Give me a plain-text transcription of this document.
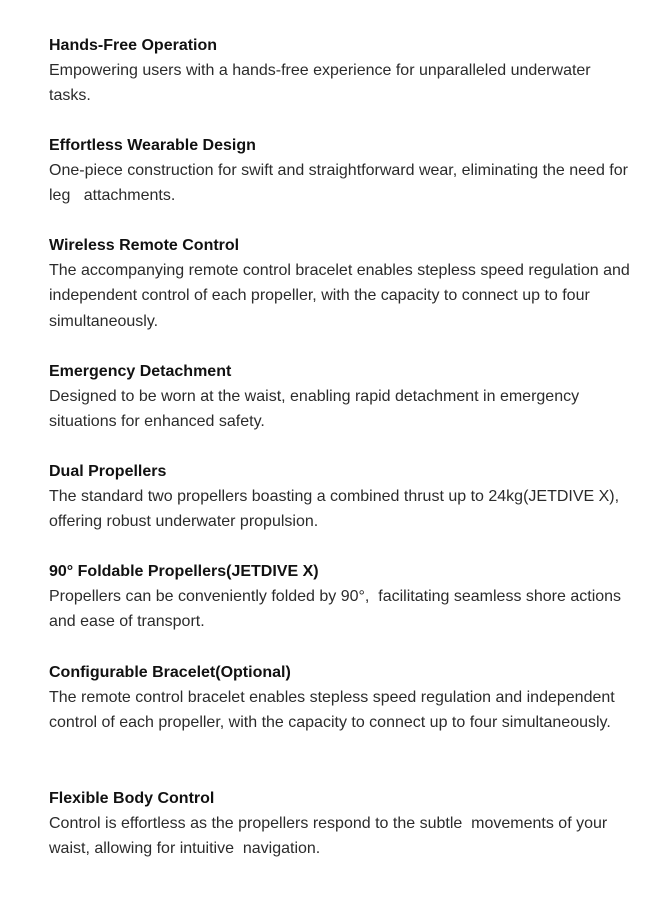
Hands-Free Operation

Empowering users with a hands-free experience for unparalleled underwater tasks.

Effortless Wearable Design

One-piece construction for swift and straightforward wear, eliminating the need for leg   attachments.

Wireless Remote Control

The accompanying remote control bracelet enables stepless speed regulation and  independent control of each propeller, with the capacity to connect up to four simultaneously.

Emergency Detachment

Designed to be worn at the waist, enabling rapid detachment in emergency situations for enhanced safety.

Dual Propellers

The standard two propellers boasting a combined thrust up to 24kg(JETDIVE X), offering robust underwater propulsion.

90° Foldable Propellers(JETDIVE X)

Propellers can be conveniently folded by 90°,  facilitating seamless shore actions and ease of transport.

Configurable Bracelet(Optional)

The remote control bracelet enables stepless speed regulation and independent control of each propeller, with the capacity to connect up to four simultaneously.

Flexible Body Control

Control is effortless as the propellers respond to the subtle  movements of your waist, allowing for intuitive  navigation.
